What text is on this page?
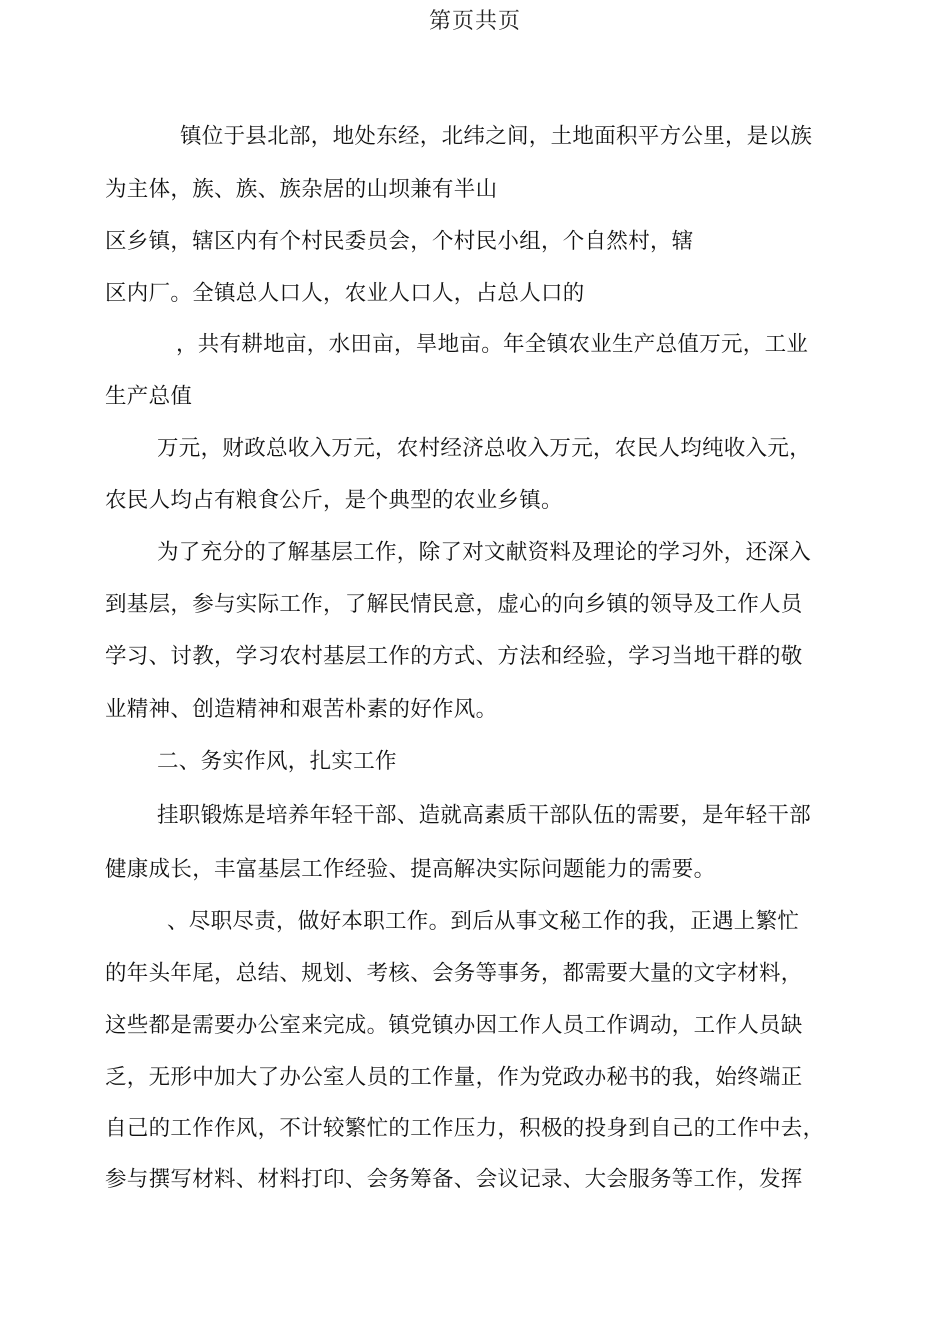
第页共页
镇位于县北部，地处东经，北纬之间，土地面积平方公里，是以族
为主体，族、族、族杂居的山坝兼有半山
区乡镇，辖区内有个村民委员会，个村民小组，个自然村，辖
区内厂。全镇总人口人，农业人口人，占总人口的
，共有耕地亩，水田亩，旱地亩。年全镇农业生产总值万元，工业
生产总值
万元，财政总收入万元，农村经济总收入万元，农民人均纯收入元，
农民人均占有粮食公斤，是个典型的农业乡镇。
为了充分的了解基层工作，除了对文献资料及理论的学习外，还深入
到基层，参与实际工作，了解民情民意，虚心的向乡镇的领导及工作人员
学习、讨教，学习农村基层工作的方式、方法和经验，学习当地干群的敬
业精神、创造精神和艰苦朴素的好作风。
二、务实作风，扎实工作
挂职锻炼是培养年轻干部、造就高素质干部队伍的需要，是年轻干部
健康成长，丰富基层工作经验、提高解决实际问题能力的需要。
、尽职尽责，做好本职工作。到后从事文秘工作的我，正遇上繁忙
的年头年尾，总结、规划、考核、会务等事务，都需要大量的文字材料，
这些都是需要办公室来完成。镇党镇办因工作人员工作调动，工作人员缺
乏，无形中加大了办公室人员的工作量，作为党政办秘书的我，始终端正
自己的工作作风，不计较繁忙的工作压力，积极的投身到自己的工作中去，
参与撰写材料、材料打印、会务筹备、会议记录、大会服务等工作，发挥
